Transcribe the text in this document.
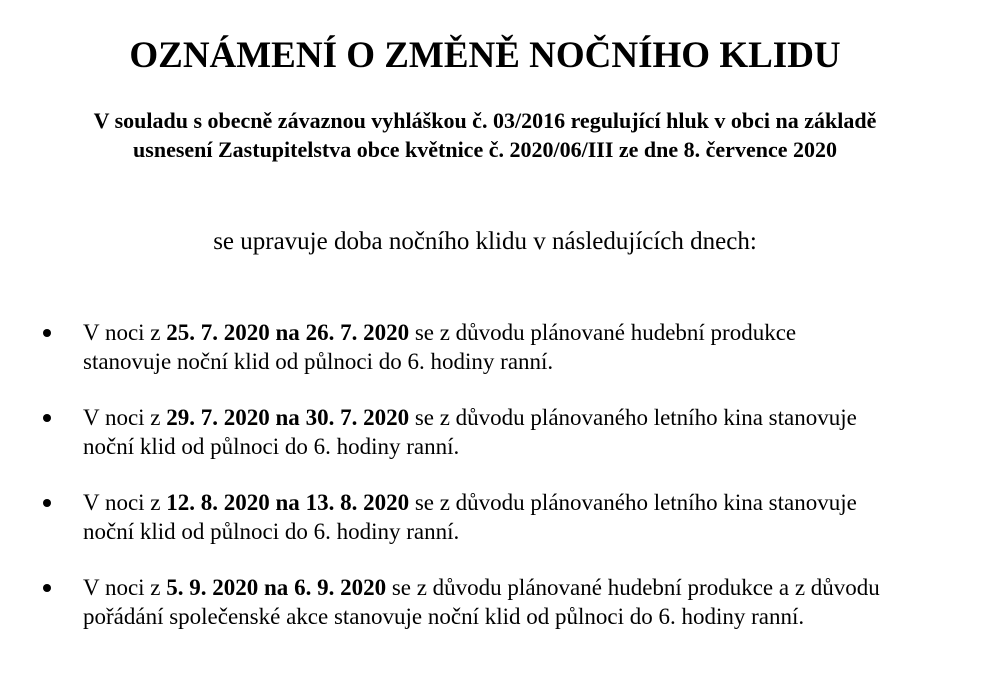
OZNÁMENÍ O ZMĚNĚ NOČNÍHO KLIDU
V souladu s obecně závaznou vyhláškou č. 03/2016 regulující hluk v obci na základě
usnesení Zastupitelstva obce květnice č. 2020/06/III ze dne 8. července 2020
se upravuje doba nočního klidu v následujících dnech:
V noci z 25. 7. 2020 na 26. 7. 2020 se z důvodu plánované hudební produkce
stanovuje noční klid od půlnoci do 6. hodiny ranní.
V noci z 29. 7. 2020 na 30. 7. 2020 se z důvodu plánovaného letního kina stanovuje
noční klid od půlnoci do 6. hodiny ranní.
V noci z 12. 8. 2020 na 13. 8. 2020 se z důvodu plánovaného letního kina stanovuje
noční klid od půlnoci do 6. hodiny ranní.
V noci z 5. 9. 2020 na 6. 9. 2020 se z důvodu plánované hudební produkce a z důvodu
pořádání společenské akce stanovuje noční klid od půlnoci do 6. hodiny ranní.
